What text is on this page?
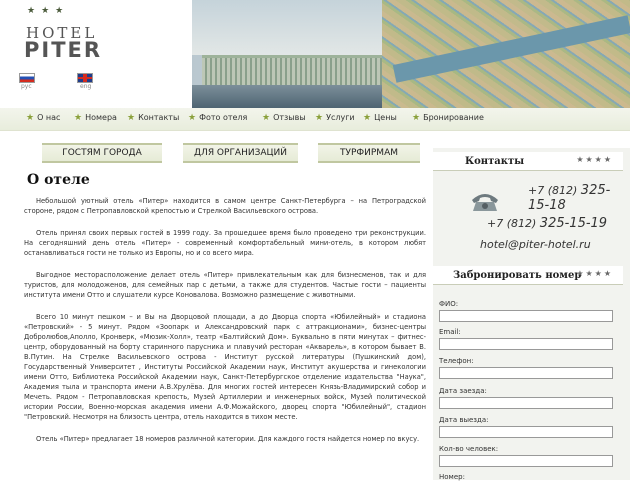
★★★
HOTEL
PITER
рус	eng
★ О нас ★ Номера ★ Контакты ★ Фото отеля ★ Отзывы ★ Услуги ★ Цены ★ Бронирование
ГОСТЯМ ГОРОДА	ДЛЯ ОРГАНИЗАЦИЙ	ТУРФИРМАМ
О отеле

Небольшой уютный отель «Питер» находится в самом центре Санкт-Петербурга – на Петроградской стороне, рядом с Петропавловской крепостью и Стрелкой Васильевского острова.

Отель принял своих первых гостей в 1999 году. За прошедшее время было проведено три реконструкции. На сегодняшний день отель «Питер» - современный комфортабельный мини-отель, в котором любят останавливаться гости не только из Европы, но и со всего мира.

Выгодное месторасположение делает отель «Питер» привлекательным как для бизнесменов, так и для туристов, для молодоженов, для семейных пар с детьми, а также для студентов. Частые гости – пациенты института имени Отто и слушатели курсе Коновалова. Возможно размещение с животными.

Всего 10 минут пешком – и Вы на Дворцовой площади, а до Дворца спорта «Юбилейный» и стадиона «Петровский» - 5 минут. Рядом «Зоопарк и Александровский парк с аттракционами», бизнес-центры Добролюбов,Аполло, Кронверк, «Мюзик-Холл», театр «Балтийский Дом». Буквально в пяти минутах – фитнес-центр, оборудованный на борту старинного парусника и плавучий ресторан «Акварель», в котором бывает В. В.Путин. На Стрелке Васильевского острова - Институт русской литературы (Пушкинский дом), Государственный Университет , Институты Российской Академии наук, Институт акушерства и гинекологии имени Отто, Библиотека Российской Академии наук, Санкт-Петербургское отделение издательства "Наука", Академия тыла и транспорта имени А.В.Хрулёва. Для многих гостей интересен Князь-Владимирский собор и Мечеть. Рядом - Петропавловская крепость, Музей Артиллерии и инженерных войск, Музей политической истории России, Военно-морская академия имени А.Ф.Можайского, дворец спорта "Юбилейный", стадион "Петровский. Несмотря на близость центра, отель находится в тихом месте.

Отель «Питер» предлагает 18 номеров различной категории. Для каждого гостя найдется номер по вкусу.

Контакты	★★★★
+7 (812) 325-15-18
+7 (812) 325-15-19
hotel@piter-hotel.ru
Забронировать номер
★★★★
ФИО:
Email:
Телефон:
Дата заезда:
Дата выезда:
Кол-во человек:
Номер:
